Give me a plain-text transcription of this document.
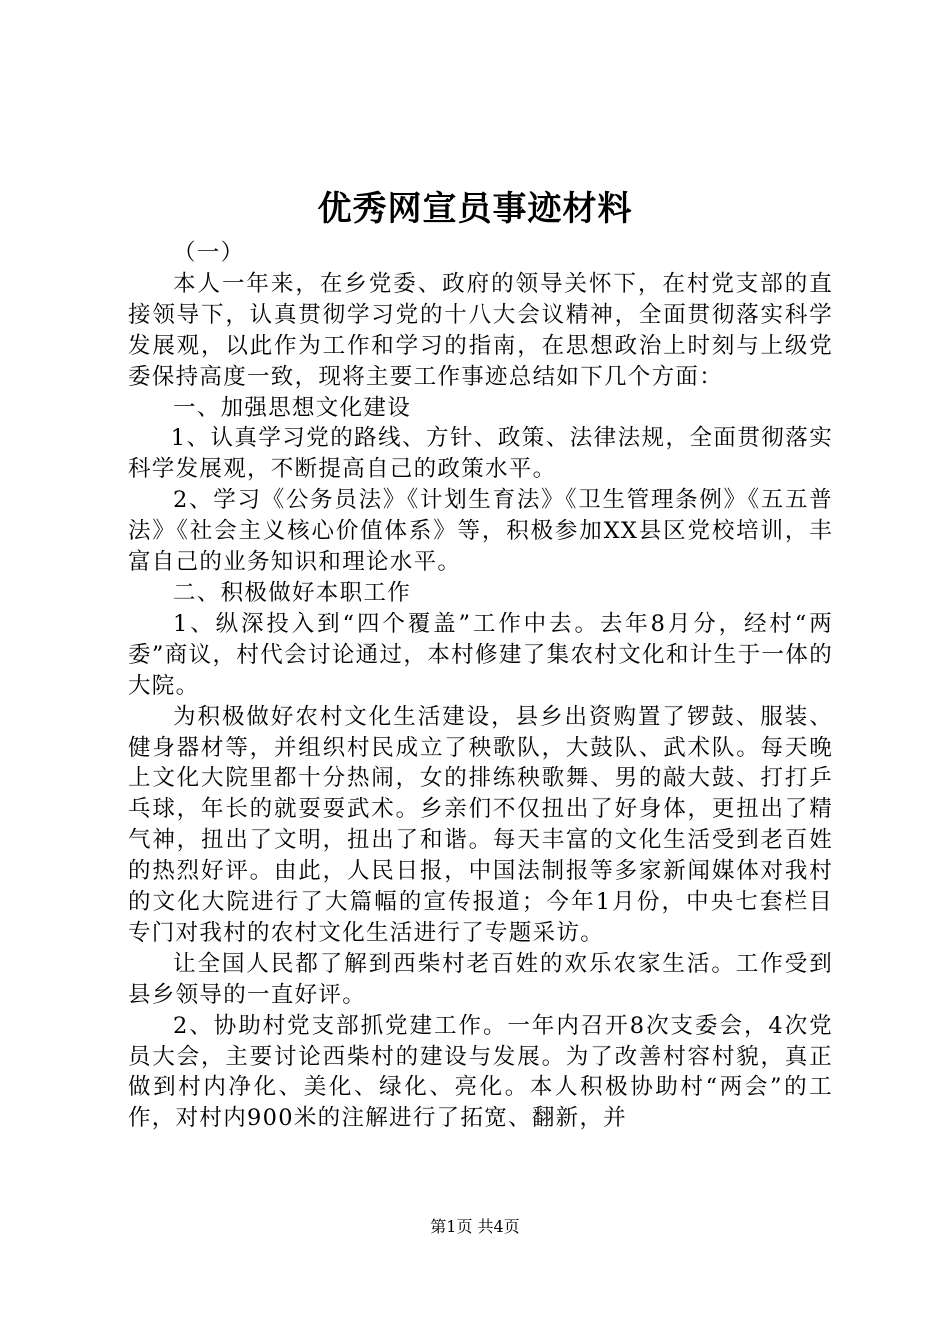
优秀网宣员事迹材料

（一）

本人一年来，在乡党委、政府的领导关怀下，在村党支部的直接领导下，认真贯彻学习党的十八大会议精神，全面贯彻落实科学发展观，以此作为工作和学习的指南，在思想政治上时刻与上级党委保持高度一致，现将主要工作事迹总结如下几个方面：

一、加强思想文化建设

1、认真学习党的路线、方针、政策、法律法规，全面贯彻落实科学发展观，不断提高自己的政策水平。

2、学习《公务员法》《计划生育法》《卫生管理条例》《五五普法》《社会主义核心价值体系》等，积极参加XX县区党校培训，丰富自己的业务知识和理论水平。

二、积极做好本职工作

1、纵深投入到“四个覆盖”工作中去。去年8月分，经村“两委”商议，村代会讨论通过，本村修建了集农村文化和计生于一体的大院。

为积极做好农村文化生活建设，县乡出资购置了锣鼓、服装、健身器材等，并组织村民成立了秧歌队，大鼓队、武术队。每天晚上文化大院里都十分热闹，女的排练秧歌舞、男的敲大鼓、打打乒乓球，年长的就耍耍武术。乡亲们不仅扭出了好身体，更扭出了精气神，扭出了文明，扭出了和谐。每天丰富的文化生活受到老百姓的热烈好评。由此，人民日报，中国法制报等多家新闻媒体对我村的文化大院进行了大篇幅的宣传报道；今年1月份，中央七套栏目专门对我村的农村文化生活进行了专题采访。

让全国人民都了解到西柴村老百姓的欢乐农家生活。工作受到县乡领导的一直好评。

2、协助村党支部抓党建工作。一年内召开8次支委会，4次党员大会，主要讨论西柴村的建设与发展。为了改善村容村貌，真正做到村内净化、美化、绿化、亮化。本人积极协助村“两会”的工作，对村内900米的注解进行了拓宽、翻新，并

第1页 共4页
